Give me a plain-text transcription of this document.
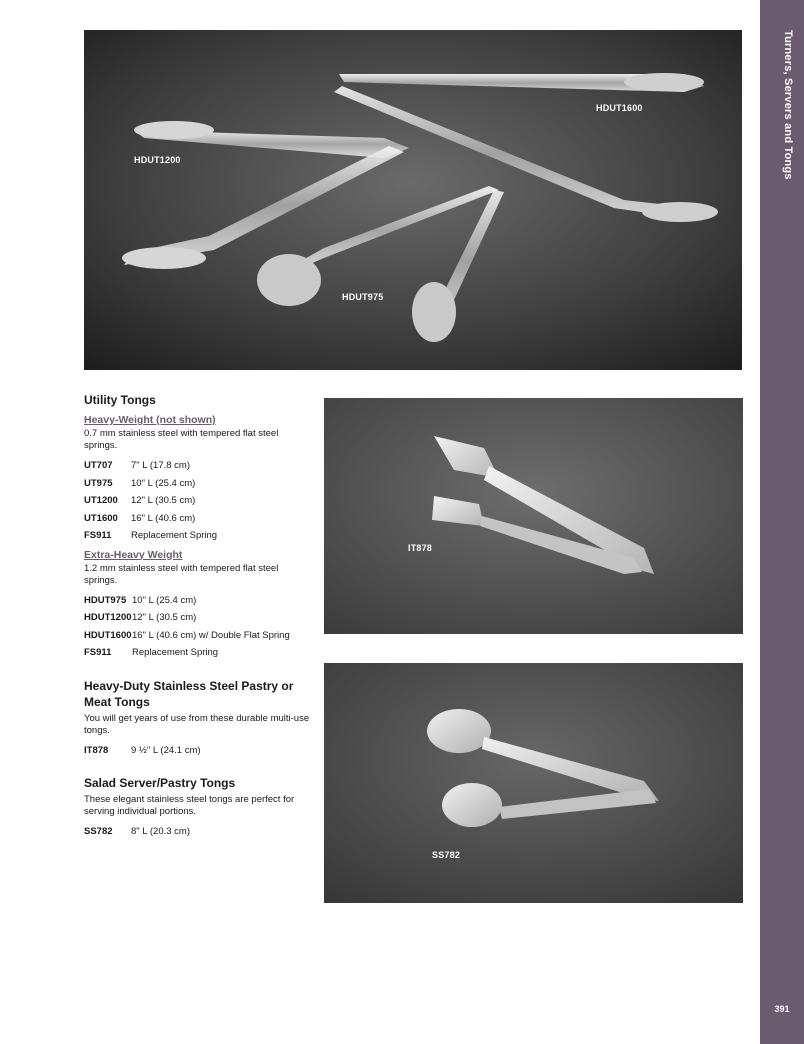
Turners, Servers and Tongs
391
HDUT1200
HDUT1600
HDUT975
IT878
SS782
Utility Tongs
Heavy-Weight (not shown)
0.7 mm stainless steel with tempered flat steel springs.
UT707	7" L (17.8 cm)
UT975	10" L (25.4 cm)
UT1200	12" L (30.5 cm)
UT1600	16" L (40.6 cm)
FS911	Replacement Spring
Extra-Heavy Weight
1.2 mm stainless steel with tempered flat steel springs.
HDUT975 10" L (25.4 cm)
HDUT1200 12" L (30.5 cm)
HDUT1600 16" L (40.6 cm) w/ Double Flat Spring
FS911	Replacement Spring
Heavy-Duty Stainless Steel Pastry or Meat Tongs
You will get years of use from these durable multi-use tongs.
IT878	9 ½" L (24.1 cm)
Salad Server/Pastry Tongs
These elegant stainless steel tongs are perfect for serving individual portions.
SS782	8" L (20.3 cm)
